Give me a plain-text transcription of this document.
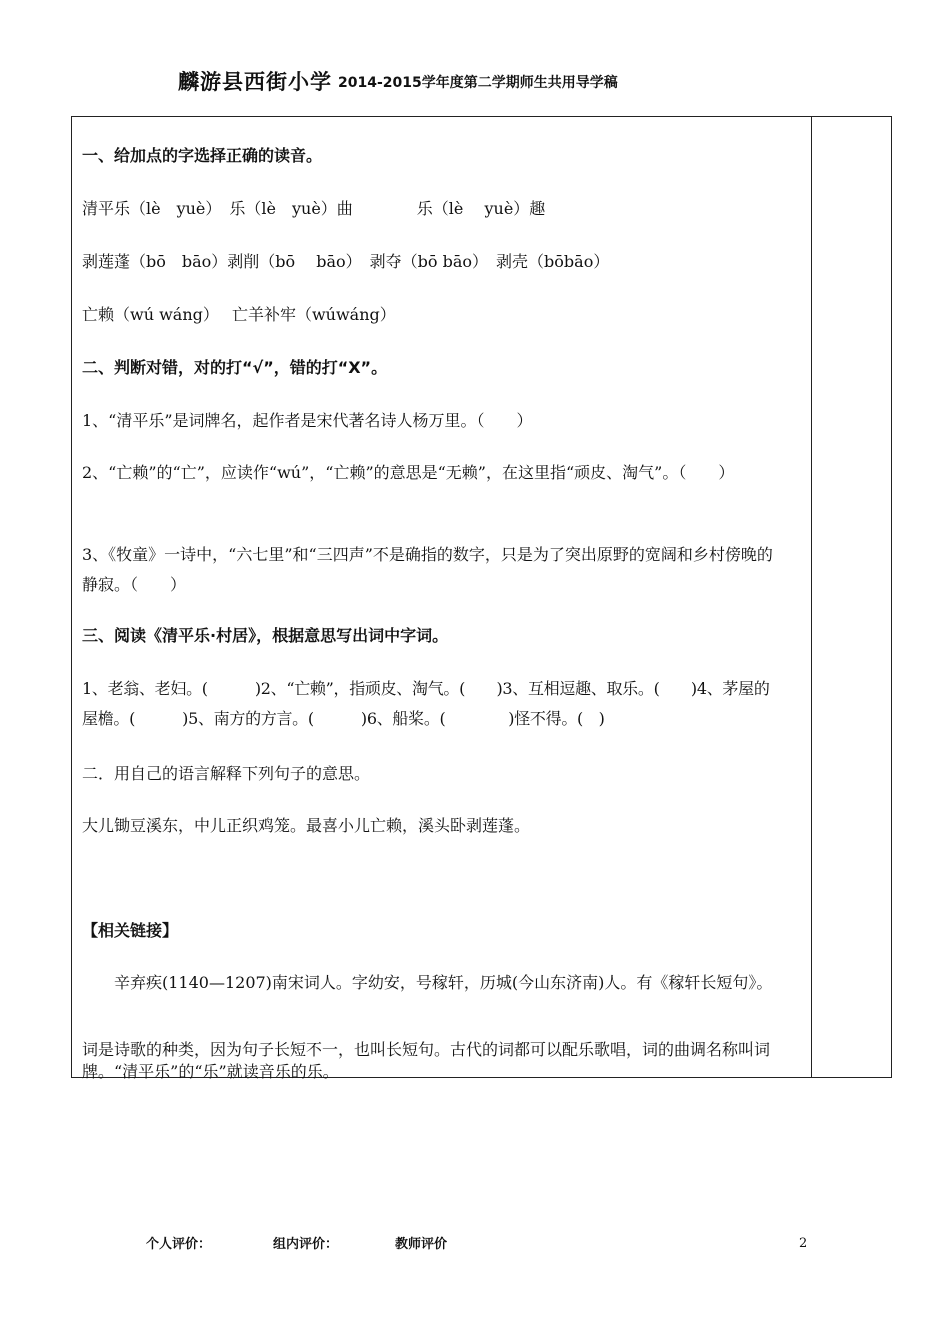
麟游县西街小学 2014-2015学年度第二学期师生共用导学稿
一、给加点的字选择正确的读音。
清平乐（lè　yuè）　乐（lè　yuè）曲　　　　乐（lè　 yuè）趣
剥莲蓬（bō　bāo）剥削（bō　 bāo）　剥夺（bō bāo）　剥壳（bōbāo）
亡赖（wú wáng）　 亡羊补牢（wúwáng）
二、判断对错，对的打“√”，错的打“X”。
1、“清平乐”是词牌名，起作者是宋代著名诗人杨万里。（　　）
2、“亡赖”的“亡”，应读作“wú”，“亡赖”的意思是“无赖”，在这里指“顽皮、淘气”。（　　）
3、《牧童》一诗中，“六七里”和“三四声”不是确指的数字，只是为了突出原野的宽阔和乡村傍晚的静寂。（　　）
三、阅读《清平乐·村居》，根据意思写出词中字词。
1、老翁、老妇。(　　　)2、“亡赖”，指顽皮、淘气。(　　)3、互相逗趣、取乐。(　　)4、茅屋的屋檐。(　　　)5、南方的方言。(　　　)6、船桨。(　　　　)怪不得。(　)
二．用自己的语言解释下列句子的意思。
大儿锄豆溪东，中儿正织鸡笼。最喜小儿亡赖，溪头卧剥莲蓬。
【相关链接】
　　辛弃疾(1140—1207)南宋词人。字幼安，号稼轩，历城(今山东济南)人。有《稼轩长短句》。
词是诗歌的种类，因为句子长短不一，也叫长短句。古代的词都可以配乐歌唱，词的曲调名称叫词牌。“清平乐”的“乐”就读音乐的乐。
个人评价：	组内评价：	教师评价	2
